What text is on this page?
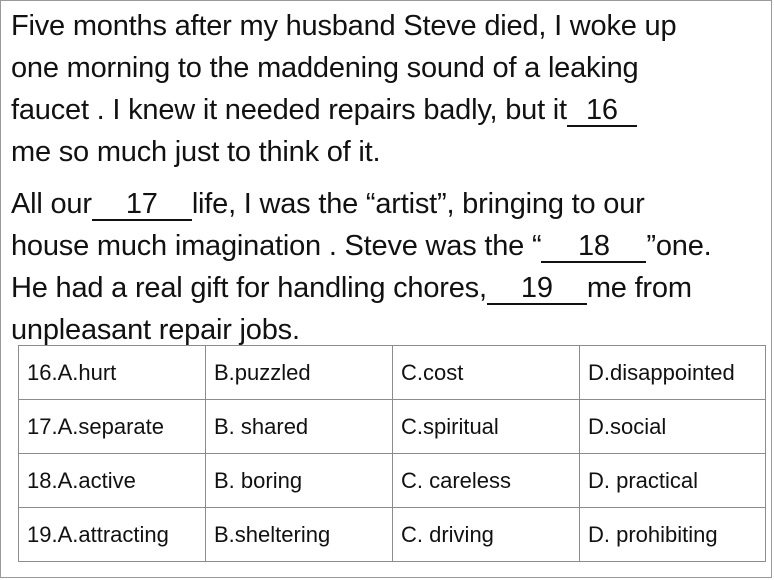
Five months after my husband Steve died, I woke up

one morning to the maddening sound of a leaking

faucet . I knew it needed repairs badly, but it 16

me so much just to think of it.

All our 17 life, I was the “artist”, bringing to our

house much imagination . Steve was the “ 18 ”one.

He had a real gift for handling chores, 19 me from

unpleasant repair jobs.

16.A.hurt	B.puzzled	C.cost	D.disappointed
17.A.separate	B. shared	C.spiritual	D.social
18.A.active	B. boring	C. careless	D. practical
19.A.attracting	B.sheltering	C. driving	D. prohibiting
